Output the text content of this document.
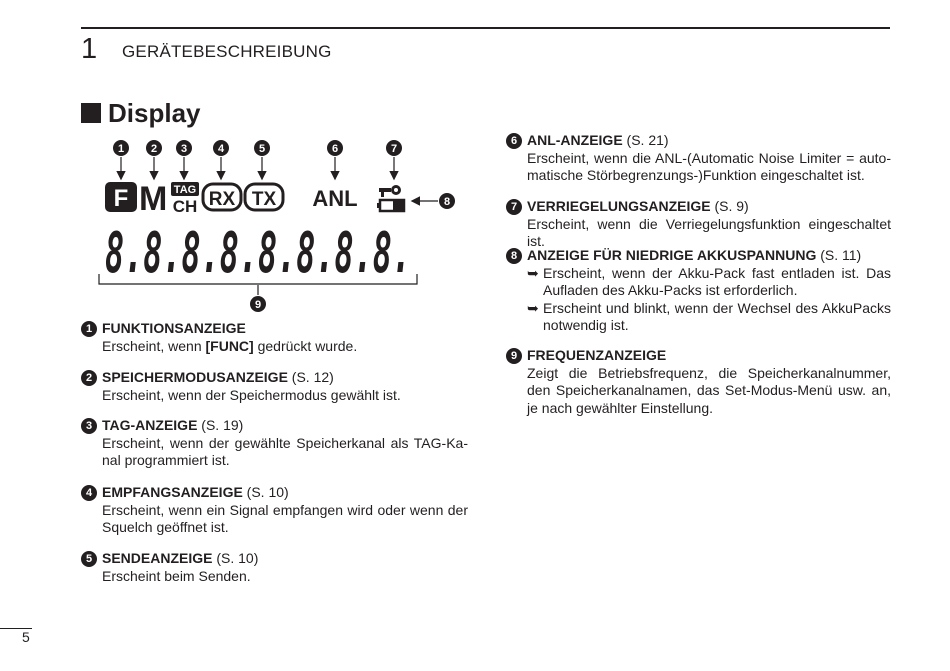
1 GERÄTEBESCHREIBUNG
Display
1 2 3	4	5	6	7
8
9
F M TAG
CH RX TX ANL
8.8.8.8.8.8.8.8.
1 FUNKTIONSANZEIGE
Erscheint, wenn [FUNC] gedrückt wurde.
2 SPEICHERMODUSANZEIGE (S. 12)
Erscheint, wenn der Speichermodus gewählt ist.
3 TAG-ANZEIGE (S. 19)
Erscheint, wenn der gewählte Speicherkanal als TAG-Kanal programmiert ist.
4 EMPFANGSANZEIGE (S. 10)
Erscheint, wenn ein Signal empfangen wird oder wenn der Squelch geöffnet ist.
5 SENDEANZEIGE (S. 10)
Erscheint beim Senden.
6 ANL-ANZEIGE (S. 21)
Erscheint, wenn die ANL-(Automatic Noise Limiter = automatische Störbegrenzungs-)Funktion eingeschaltet ist.
7 VERRIEGELUNGSANZEIGE (S. 9)
Erscheint, wenn die Verriegelungsfunktion eingeschaltet ist.
8 ANZEIGE FÜR NIEDRIGE AKKUSPANNUNG (S. 11)
➥ Erscheint, wenn der Akku-Pack fast entladen ist. Das Aufladen des Akku-Packs ist erforderlich.
➥ Erscheint und blinkt, wenn der Wechsel des AkkuPacks notwendig ist.
9 FREQUENZANZEIGE
Zeigt die Betriebsfrequenz, die Speicherkanalnummer, den Speicherkanalnamen, das Set-Modus-Menü usw. an, je nach gewählter Einstellung.
5
